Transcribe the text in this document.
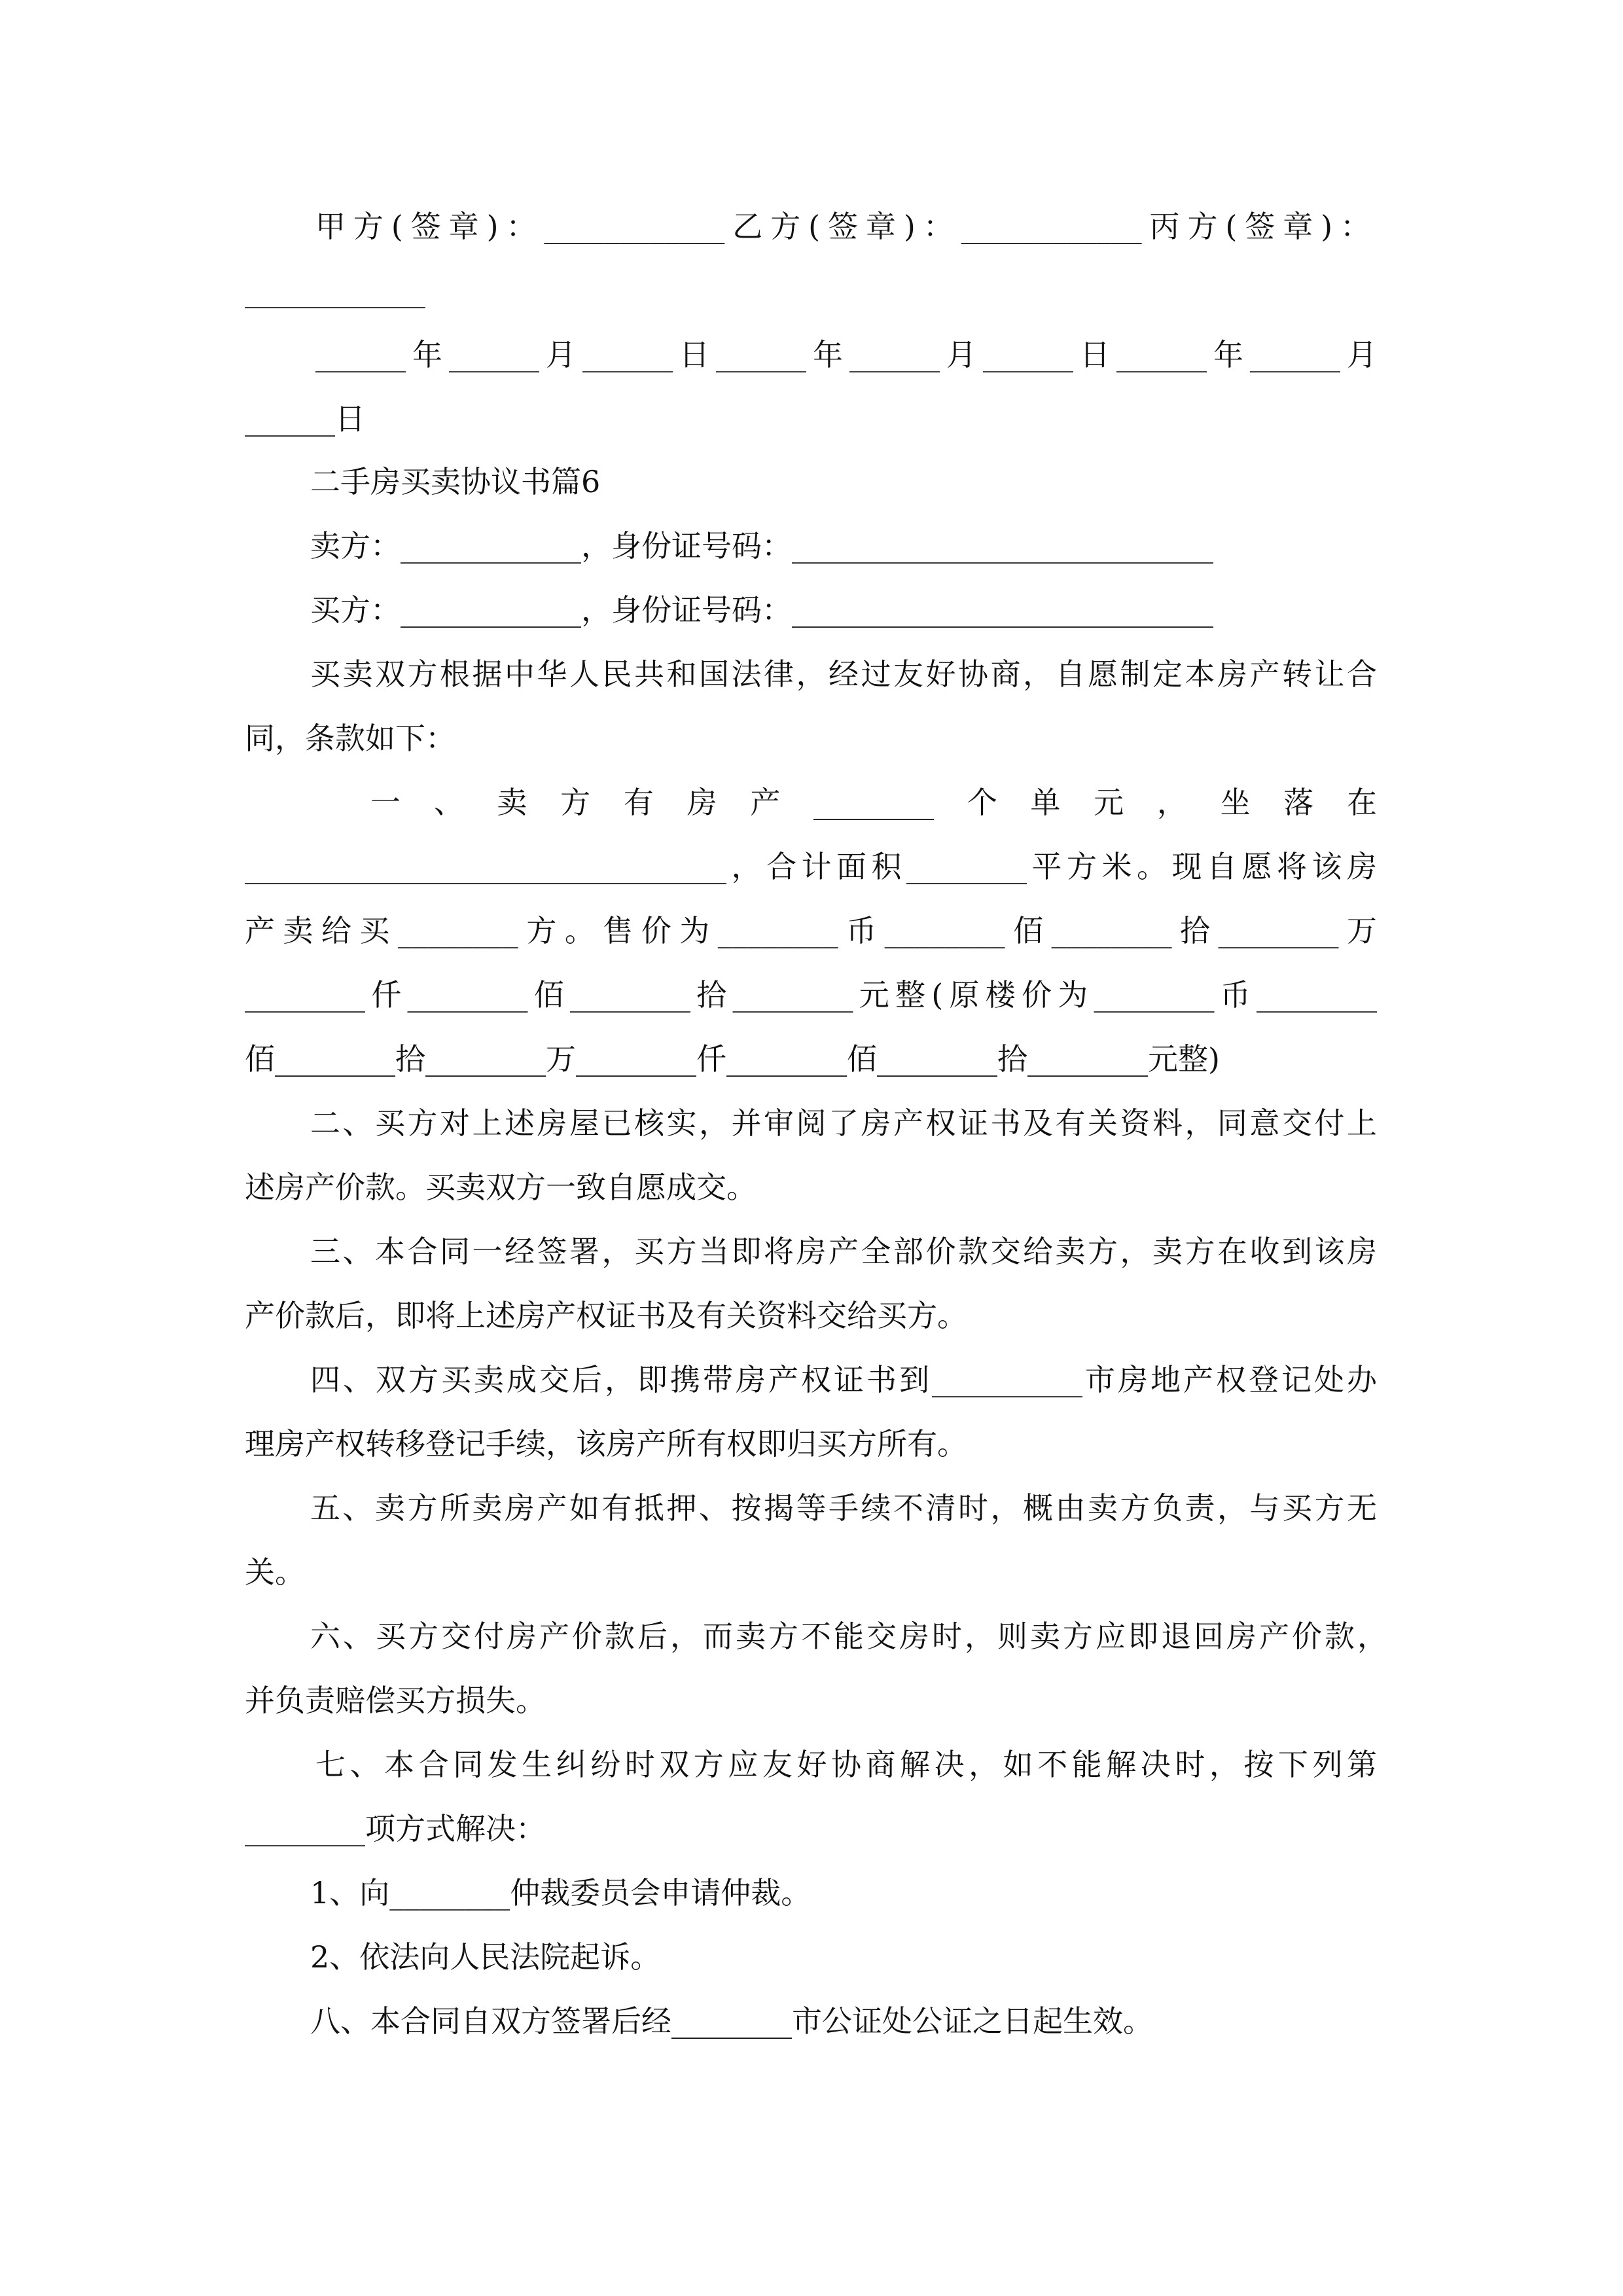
甲方(签章)：____________乙方(签章)：____________丙方(签章)：

____________

______年______月______日______年______月______日______年______月

______日

二手房买卖协议书篇6

卖方：____________，身份证号码：____________________________

买方：____________，身份证号码：____________________________

买卖双方根据中华人民共和国法律，经过友好协商，自愿制定本房产转让合

同，条款如下：

一、卖方有房产________个单元，坐落在

________________________________，合计面积________平方米。现自愿将该房

产卖给买________方。售价为________币________佰________拾________万

________仟________佰________拾________元整(原楼价为________币________

佰________拾________万________仟________佰________拾________元整)

二、买方对上述房屋已核实，并审阅了房产权证书及有关资料，同意交付上

述房产价款。买卖双方一致自愿成交。

三、本合同一经签署，买方当即将房产全部价款交给卖方，卖方在收到该房

产价款后，即将上述房产权证书及有关资料交给买方。

四、双方买卖成交后，即携带房产权证书到__________市房地产权登记处办

理房产权转移登记手续，该房产所有权即归买方所有。

五、卖方所卖房产如有抵押、按揭等手续不清时，概由卖方负责，与买方无

关。

六、买方交付房产价款后，而卖方不能交房时，则卖方应即退回房产价款，

并负责赔偿买方损失。

七、本合同发生纠纷时双方应友好协商解决，如不能解决时，按下列第

________项方式解决：

1、向________仲裁委员会申请仲裁。

2、依法向人民法院起诉。

八、本合同自双方签署后经________市公证处公证之日起生效。
